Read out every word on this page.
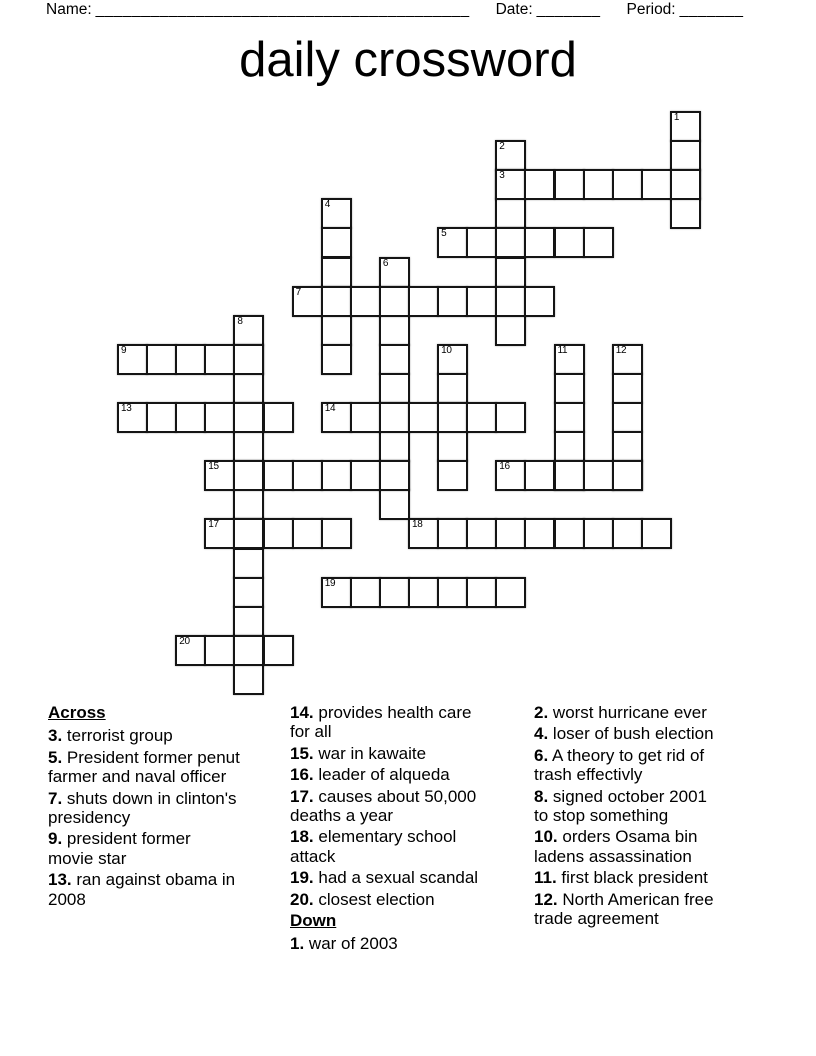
Name: _________________________________________ Date: _______ Period: _______
daily crossword
1
2
3
4
5
6
7
8
9	10	11	12
13	14
15	16
17	18
19
20
Across
3. terrorist group
5. President former penut farmer and naval officer
7. shuts down in clinton's presidency
9. president former movie star
13. ran against obama in 2008
14. provides health care for all
15. war in kawaite
16. leader of alqueda
17. causes about 50,000 deaths a year
18. elementary school attack
19. had a sexual scandal
20. closest election
Down
1. war of 2003
2. worst hurricane ever
4. loser of bush election
6. A theory to get rid of trash effectivly
8. signed october 2001 to stop something
10. orders Osama bin ladens assassination
11. first black president
12. North American free trade agreement
